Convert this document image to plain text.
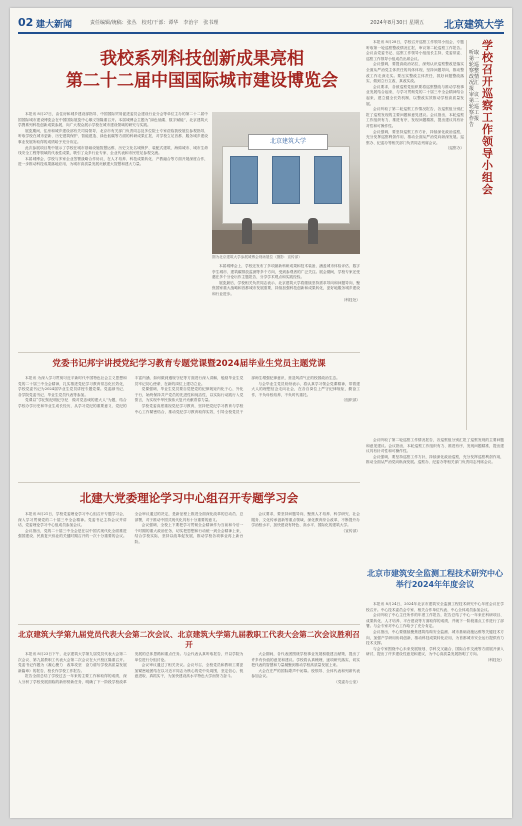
02 建大新闻	责任编辑/统稿：张丛　校对/干部：谭华　李治宇　张书理	2024年8月30日 星期五 北京建筑大学
我校系列科技创新成果亮相
第二十二届中国国际城市建设博览会

本报讯 8月27日，由住房和城乡建设部指导、中国国际贸易促进委员会建设行业分会等单位主办的第二十二届中国国际城市建设博览会在中国国际展览中心顺义馆隆重召开。本届城博会主题为“绿色低碳、数字赋能”，北京建筑大学携系列科技创新成果参展，向广大观众展示学校在城市建设领域的研究与实践。

展览期间，住房和城乡建设部有关司局领导，北京市有关部门负责同志及多位院士专家莅临我校展位参观指导，听取学校在城市更新、历史建筑保护、智能建造、绿色低碳等方面的科研成果汇报，对学校立足首都、服务城乡建设事业发展所取得的成绩给予充分肯定。

此次参展项目集中展示了学校在城市基础设施智慧运维、历史文化名城保护、装配式建筑、海绵城市、城市生命线安全工程等领域的代表性成果，吸引了众多行业专家、企业代表和市民驻足参观交流。

本届城博会，学校与多家企业签署战略合作协议，在人才培养、科技成果转化、产教融合等方面开展深度合作，进一步推动科技成果落地应用，为城市高质量发展贡献建大智慧和建大力量。

北京建筑大学
图为北京建筑大学参展城博会现场展位（摄影：宣传部）

本届城博会上，学校还发布了多项最新科研成果和技术装备，涵盖城市体检评估、数字孪生城市、建筑碳排放监测等多个方向，受到参观者的广泛关注。展会期间，学校专家还受邀在多个分论坛作主题报告，分享学术观点和实践经验。

展览最后，学校相关负责同志表示，北京建筑大学将继续坚持需求导向和问题导向，聚焦国家重大战略和首都城市发展需要，持续加强科技创新和成果转化，更好地服务城乡建设和行业进步。

（科技处）

学校召开巡察工作领导小组会
听取第一轮巡察整改情况汇报　审议第二轮巡察工作报告

本报讯 8月28日，学校召开巡察工作领导小组会，专题听取第一轮巡察整改情况汇报，审议第二轮巡察工作报告。会议由党委书记、巡察工作领导小组组长主持，党委常委、巡察工作领导小组成员出席会议。

会议强调，要提高政治站位，深刻认识巡察整改是落实全面从严治党主体责任的具体体现，坚持问题导向，推动整改工作走深走实。要压实整改主体责任，抓好问题整改落实，做到立行立改、真改实改。

会议要求，各被巡察党组织要将巡察整改与推动学校事业发展结合起来，与学习贯彻党的二十届三中全会精神结合起来，建立健全长效机制，以整改实效推动学校高质量发展。

会议听取了第二轮巡察工作情况报告，各巡察组分别汇报了巡察发现的主要问题和意见建议。会议指出，本轮巡察工作组织有力、推进有序，发现问题精准，提出建议具有针对性和可操作性。

会议强调，要坚持巡察工作方针，持续深化政治巡察，充分发挥巡察利剑作用，推动全面从严治党向纵深发展。巡察办、纪委办等相关部门负责同志列席会议。

（巡察办）

党委书记邦宇讲授党纪学习教育专题党课暨2024届毕业生党员主题党课

本报讯 为深入学习贯彻习近平新时代中国特色社会主义思想和党的二十届三中全会精神，扎实推进党纪学习教育常态化长效化，学校党委书记为2024届毕业生党员讲授专题党课。党委副书记、各学院党委书记、毕业生党员代表等参加。

党课以“学纪知纪明纪守纪　做对党忠诚的建大人”为题，结合学校办学历史和毕业生成长经历，从学习党纪的重要意义、党纪的丰富内涵、如何做到遵规守纪等方面进行深入讲解，勉励毕业生党员牢记初心使命，在新的岗位上建功立业。

党课强调，毕业生党员要自觉把党的纪律规矩内化于心、外化于行，始终保持共产党员的先进性和纯洁性，以实际行动践行入党誓言，为实现中华民族伟大复兴贡献青春力量。

学校党委高度重视党纪学习教育，坚持把党纪学习教育与学校中心工作紧密结合，推动党纪学习教育取得实效，引导全校党员干部师生增强纪律意识，营造风清气正的校园政治生态。

与会毕业生党员纷纷表示，将认真学习领会党课精神，带着建大人的理想信念走向社会，在各自岗位上严守纪律规矩，勤奋工作，不负母校培养，不负时代重托。

（组织部）

北建大党委理论学习中心组召开专题学习会

本报讯 8月21日，学校党委理论学习中心组召开专题学习会，深入学习贯彻党的二十届三中全会精神。党委书记主持会议并讲话，党委理论学习中心组成员参加会议。

会议指出，党的二十届三中全会是在以中国式现代化全面推进强国建设、民族复兴伟业的关键时期召开的一次十分重要的会议。全会审议通过的决定，是新征程上推进全面深化改革的总动员、总部署，对于推动中国式现代化具有十分重要的意义。

会议强调，全校上下要把学习贯彻全会精神作为当前和今后一个时期的重大政治任务，切实把思想和行动统一到全会精神上来，结合学校实际，坚持以改革促发展，推动学校各项事业再上新台阶。

会议要求，要坚持问题导向，聚焦人才培养、科学研究、社会服务、文化传承创新等重点领域，深化教育综合改革，不断提升办学治校水平，加快建设有特色、高水平、国际化的建筑大学。

（宣传部）

北京建筑大学第九届党员代表大会第二次会议、北京建筑大学第九届教职工代表大会第二次会议胜利召开

本报讯 8月23日下午，北京建筑大学第九届党员代表大会第二次会议、第九届教职工代表大会第二次会议在大兴校区隆重召开。党委书记作题为《凝心聚力　改革攻坚　奋力谱写学校高质量发展新篇章》的报告，校长作学校工作报告。

报告全面总结了学校过去一年来的主要工作和取得的成绩，深入分析了学校发展面临的新形势新任务，明确了下一阶段学校改革发展的总体思路和重点任务。与会代表认真听取报告，并以学院为单位进行分组讨论。

会议审议通过了相关决议。会议号召，全校党员和教职工要更加紧密地团结在以习近平同志为核心的党中央周围，坚定信心、锐意进取、真抓实干，为加快建设高水平特色大学而努力奋斗。

大会期间，各代表团围绕学校事业发展积极建言献策，提出了许多有价值的意见和建议。学校将认真梳理，逐项研究落实，切实把代表的智慧和力量凝聚到推动学校高质量发展上来。

大会在庄严的国际歌声中闭幕。校领导、全体代表和列席代表参加会议。

（党委办公室）

会议听取了第二轮巡察工作情况报告，各巡察组分别汇报了巡察发现的主要问题和意见建议。会议指出，本轮巡察工作组织有力、推进有序，发现问题精准，提出建议具有针对性和可操作性。

会议强调，要坚持巡察工作方针，持续深化政治巡察，充分发挥巡察利剑作用，推动全面从严治党向纵深发展。巡察办、纪委办等相关部门负责同志列席会议。

北京市建筑安全监测工程技术研究中心举行2024年年度会议

本报讯 8月24日，2024年北京市建筑安全监测工程技术研究中心年度会议在学校召开。中心技术委员会专家、相关合作单位代表、中心全体成员参加会议。

会议听取了中心主任所作的年度工作报告，报告总结了中心一年来在科研项目、成果转化、人才培养、平台建设等方面取得的成绩，并就下一阶段重点工作进行了部署。与会专家对中心工作给予了充分肯定。

会议指出，中心要继续聚焦建筑结构安全监测、城市基础设施运维等关键技术方向，加强产学研用协同创新，推动科技成果转化应用，为首都城市安全运行提供有力技术支撑。

与会专家围绕中心未来发展规划、学科交叉融合、国际合作交流等方面展开深入研讨，提出了许多建设性意见和建议，为中心高质量发展指明了方向。

（科技处）
